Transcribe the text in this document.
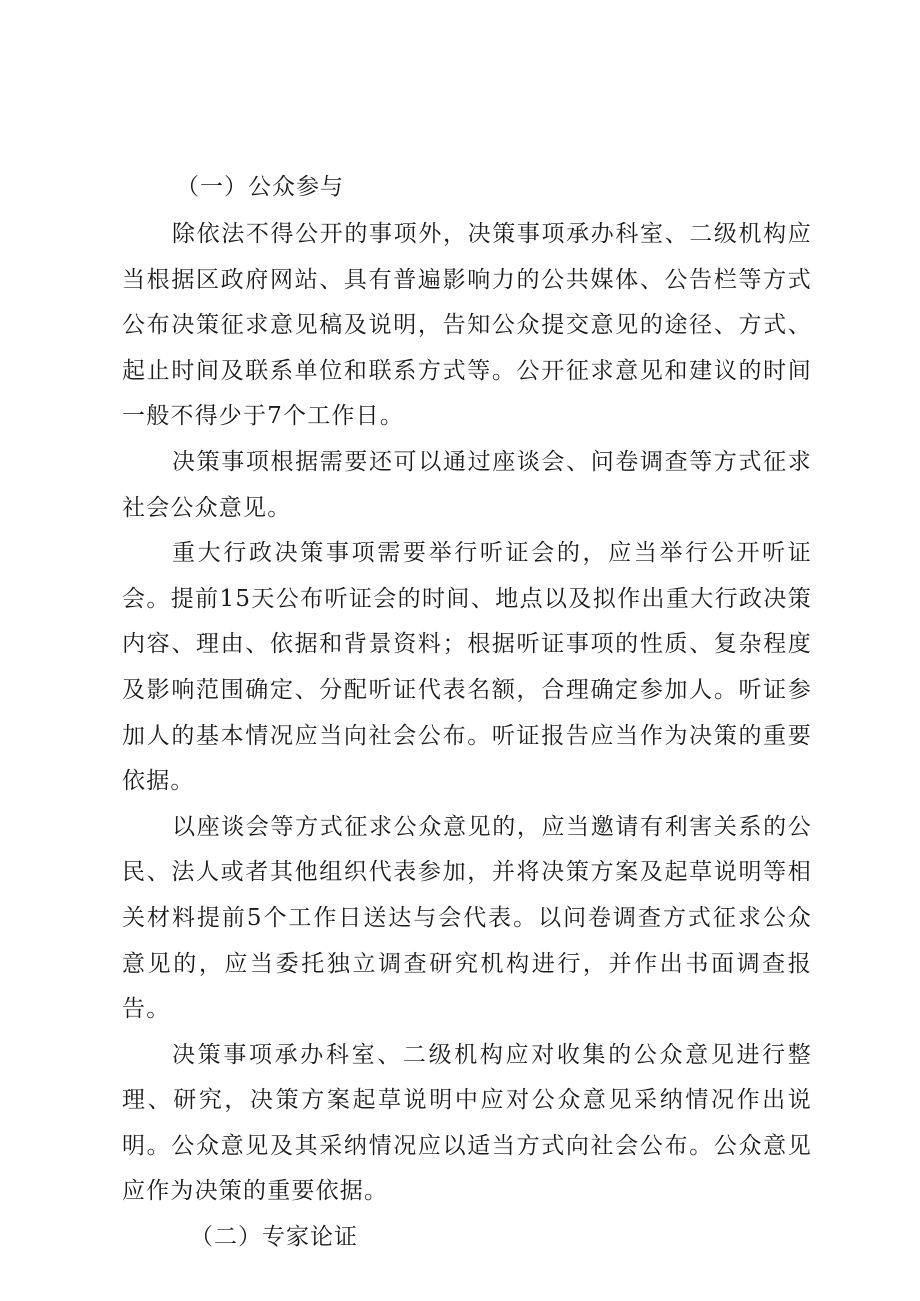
（一）公众参与

除依法不得公开的事项外，决策事项承办科室、二级机构应当根据区政府网站、具有普遍影响力的公共媒体、公告栏等方式公布决策征求意见稿及说明，告知公众提交意见的途径、方式、起止时间及联系单位和联系方式等。公开征求意见和建议的时间一般不得少于7个工作日。

决策事项根据需要还可以通过座谈会、问卷调查等方式征求社会公众意见。

重大行政决策事项需要举行听证会的，应当举行公开听证会。提前15天公布听证会的时间、地点以及拟作出重大行政决策内容、理由、依据和背景资料；根据听证事项的性质、复杂程度及影响范围确定、分配听证代表名额，合理确定参加人。听证参加人的基本情况应当向社会公布。听证报告应当作为决策的重要依据。

以座谈会等方式征求公众意见的，应当邀请有利害关系的公民、法人或者其他组织代表参加，并将决策方案及起草说明等相关材料提前5个工作日送达与会代表。以问卷调查方式征求公众意见的，应当委托独立调查研究机构进行，并作出书面调查报告。

决策事项承办科室、二级机构应对收集的公众意见进行整理、研究，决策方案起草说明中应对公众意见采纳情况作出说明。公众意见及其采纳情况应以适当方式向社会公布。公众意见应作为决策的重要依据。

（二）专家论证
